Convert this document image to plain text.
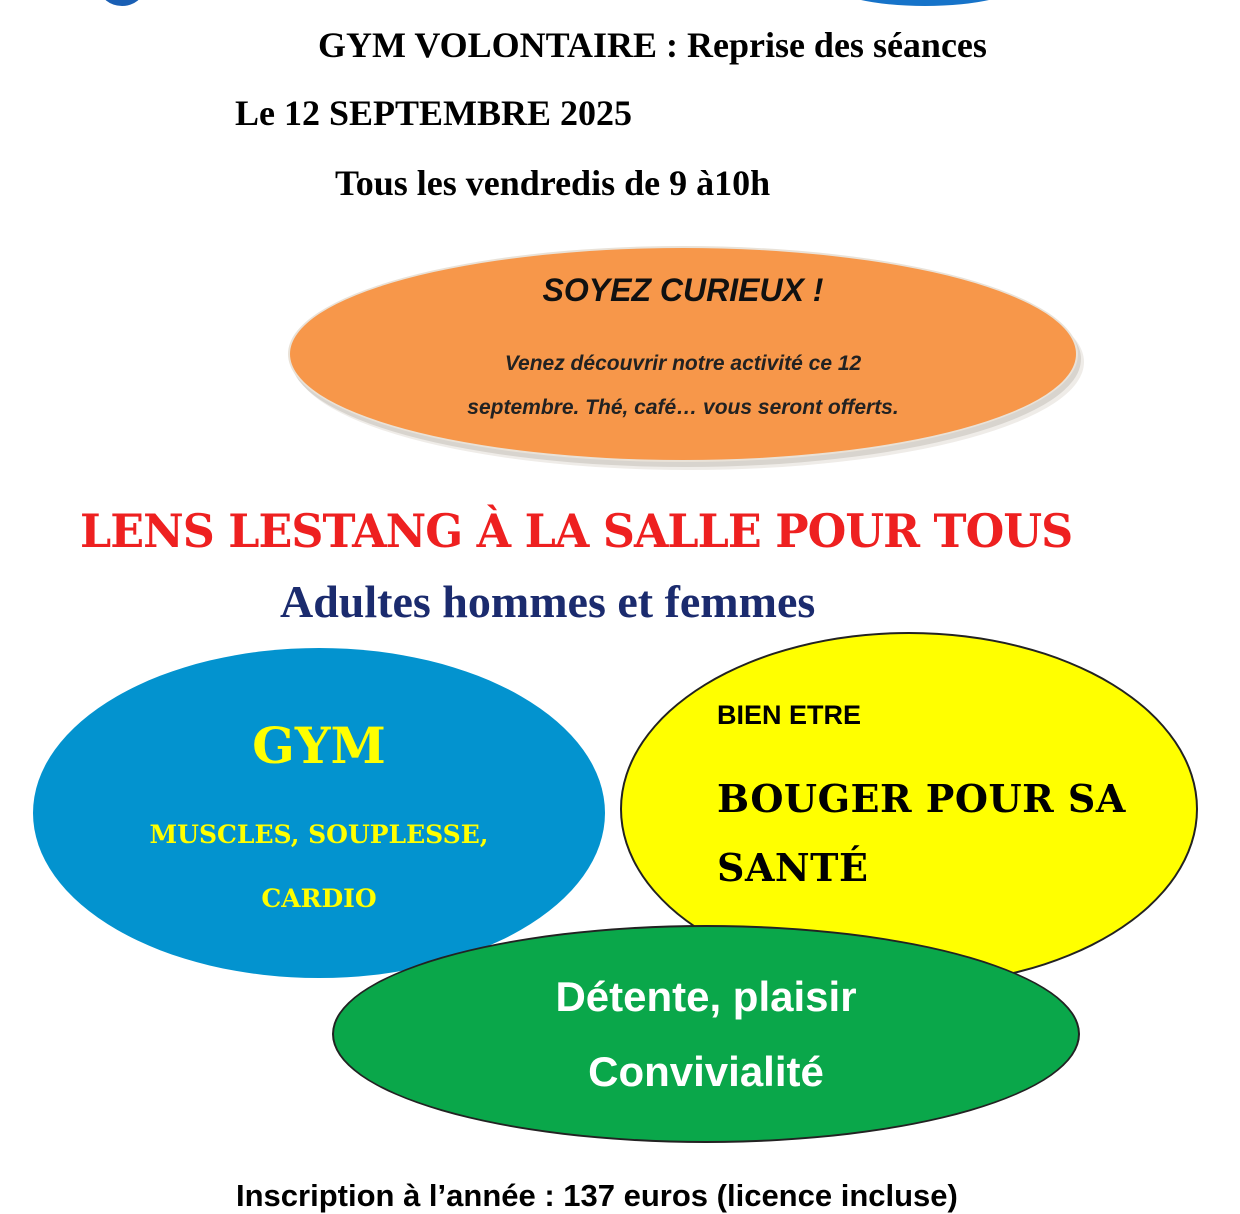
GYM VOLONTAIRE : Reprise des séances
Le 12 SEPTEMBRE 2025
Tous les vendredis de 9 à10h
SOYEZ CURIEUX !
Venez découvrir notre activité ce 12
septembre. Thé, café… vous seront offerts.
LENS LESTANG À LA SALLE POUR TOUS
Adultes hommes et femmes
GYM
MUSCLES, SOUPLESSE,
CARDIO
BIEN ETRE
BOUGER POUR SA
SANTÉ
Détente, plaisir
Convivialité
Inscription à l’année : 137 euros (licence incluse)
